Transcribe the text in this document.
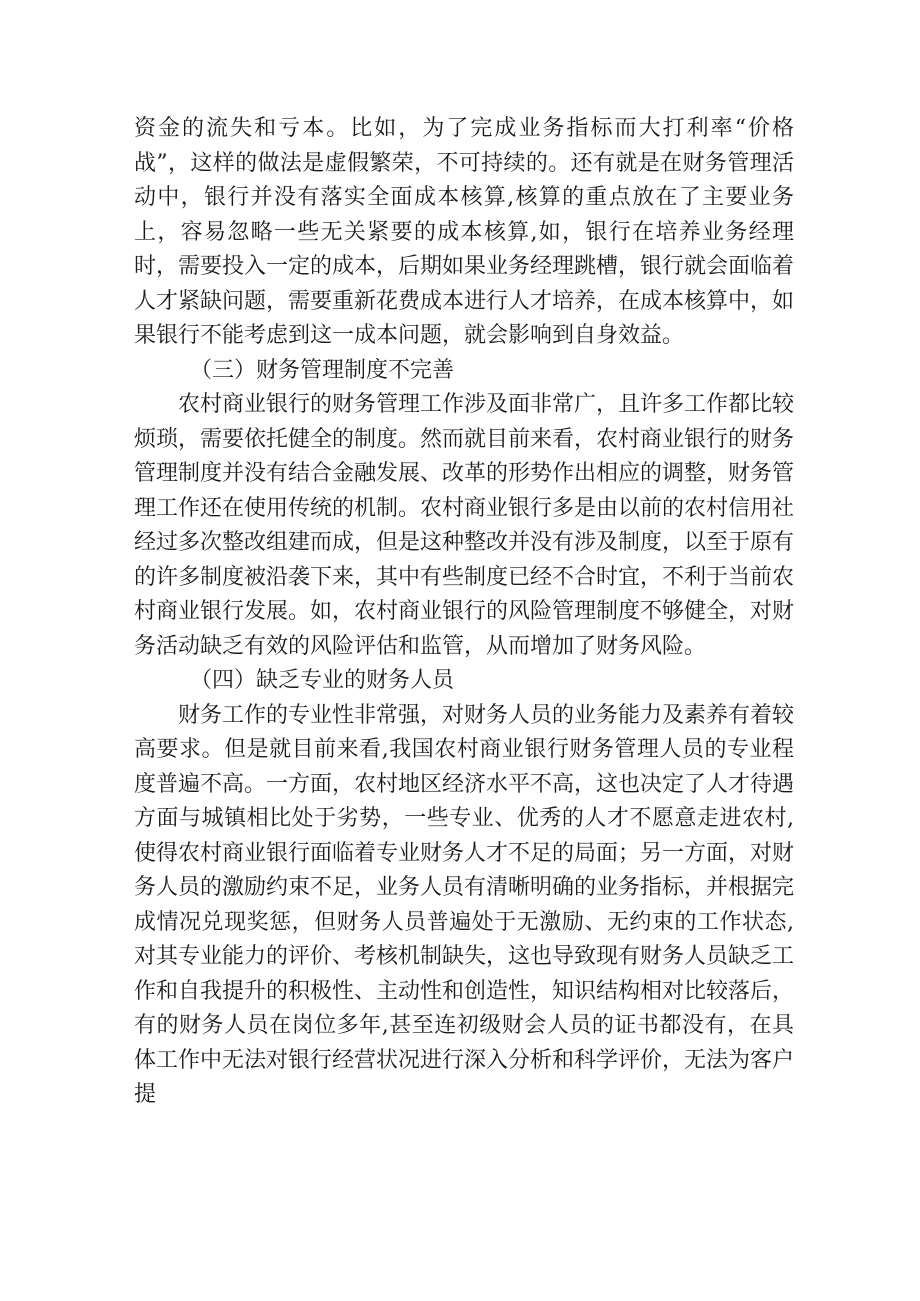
资金的流失和亏本。比如，为了完成业务指标而大打利率“价格战”，这样的做法是虚假繁荣，不可持续的。还有就是在财务管理活动中，银行并没有落实全面成本核算,核算的重点放在了主要业务上，容易忽略一些无关紧要的成本核算,如，银行在培养业务经理时，需要投入一定的成本，后期如果业务经理跳槽，银行就会面临着人才紧缺问题，需要重新花费成本进行人才培养，在成本核算中，如果银行不能考虑到这一成本问题，就会影响到自身效益。

（三）财务管理制度不完善

农村商业银行的财务管理工作涉及面非常广，且许多工作都比较烦琐，需要依托健全的制度。然而就目前来看，农村商业银行的财务管理制度并没有结合金融发展、改革的形势作出相应的调整，财务管理工作还在使用传统的机制。农村商业银行多是由以前的农村信用社经过多次整改组建而成，但是这种整改并没有涉及制度，以至于原有的许多制度被沿袭下来，其中有些制度已经不合时宜，不利于当前农村商业银行发展。如，农村商业银行的风险管理制度不够健全，对财务活动缺乏有效的风险评估和监管，从而增加了财务风险。

（四）缺乏专业的财务人员

财务工作的专业性非常强，对财务人员的业务能力及素养有着较高要求。但是就目前来看,我国农村商业银行财务管理人员的专业程度普遍不高。一方面，农村地区经济水平不高，这也决定了人才待遇方面与城镇相比处于劣势，一些专业、优秀的人才不愿意走进农村,使得农村商业银行面临着专业财务人才不足的局面；另一方面，对财务人员的激励约束不足，业务人员有清晰明确的业务指标，并根据完成情况兑现奖惩，但财务人员普遍处于无激励、无约束的工作状态,对其专业能力的评价、考核机制缺失，这也导致现有财务人员缺乏工作和自我提升的积极性、主动性和创造性，知识结构相对比较落后，有的财务人员在岗位多年,甚至连初级财会人员的证书都没有，在具体工作中无法对银行经营状况进行深入分析和科学评价，无法为客户提
